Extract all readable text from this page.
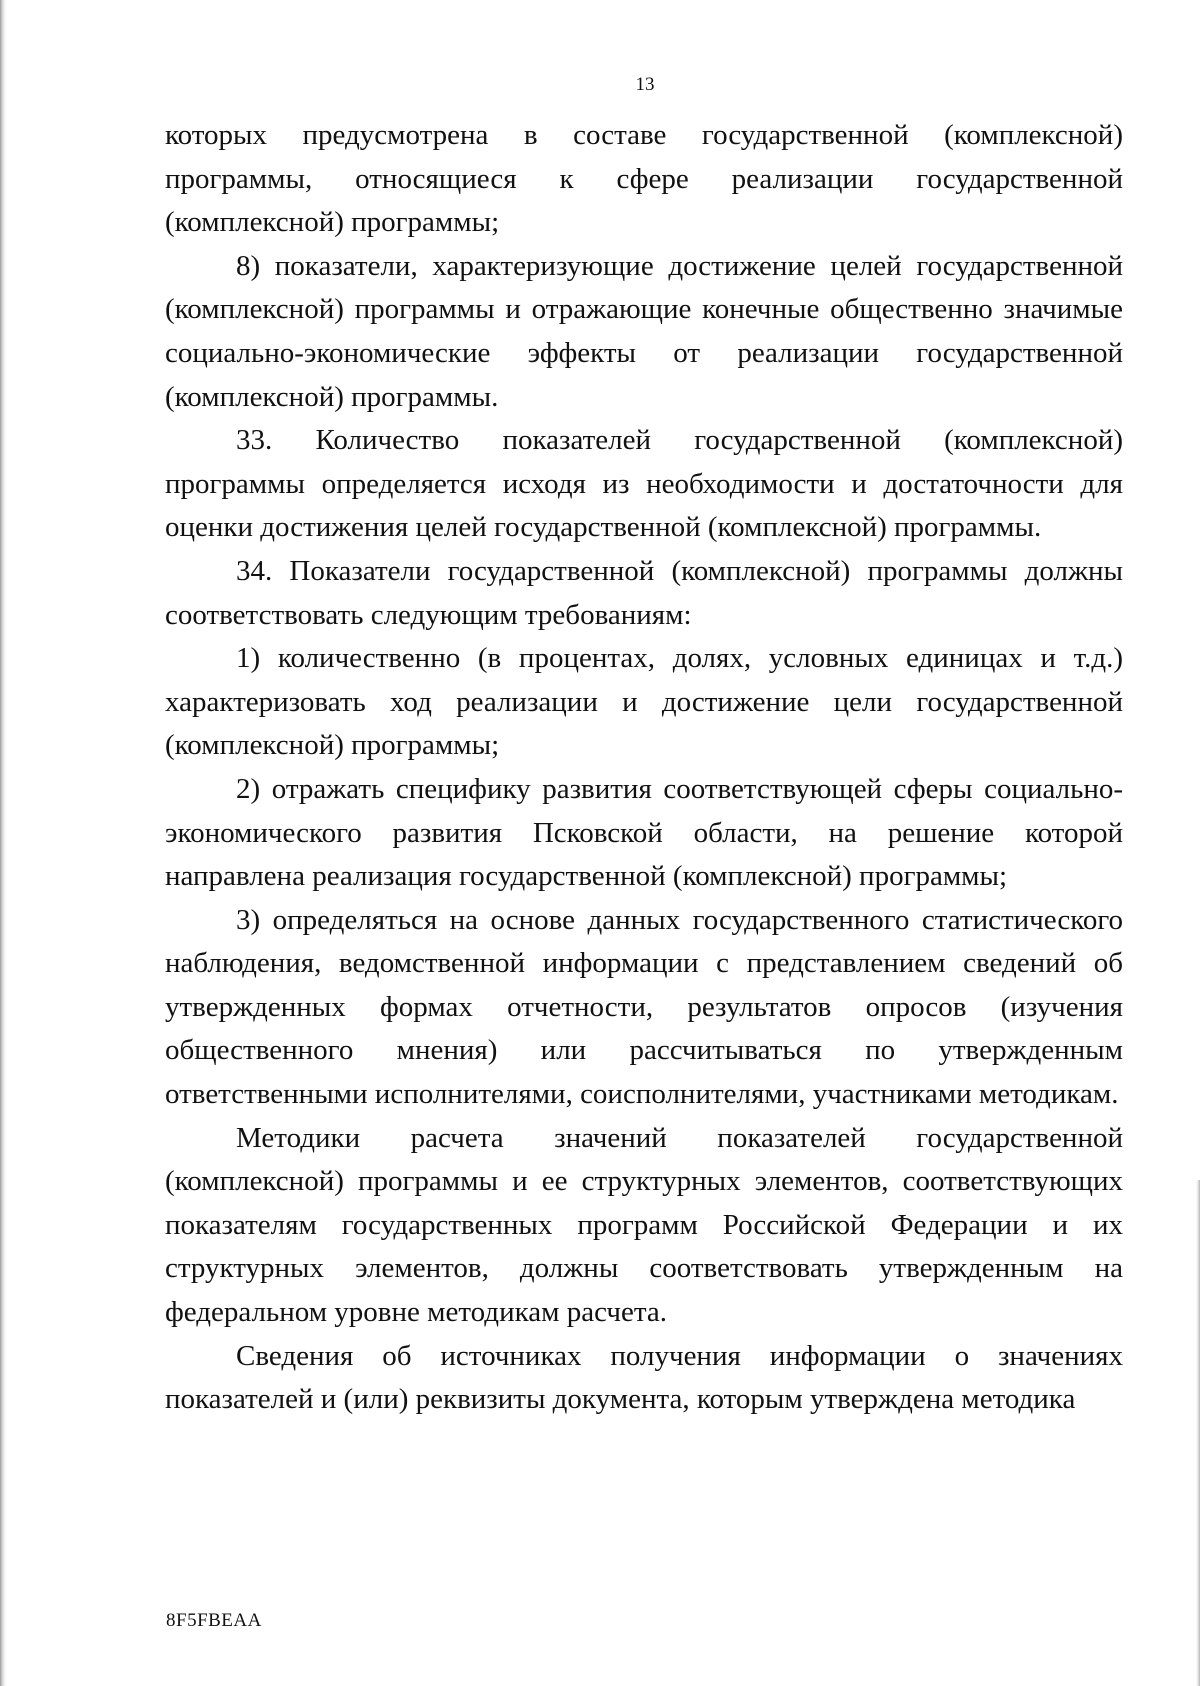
13

которых предусмотрена в составе государственной (комплексной) программы, относящиеся к сфере реализации государственной (комплексной) программы;

8) показатели, характеризующие достижение целей государственной (комплексной) программы и отражающие конечные общественно значимые социально-экономические эффекты от реализации государственной (комплексной) программы.

33. Количество показателей государственной (комплексной) программы определяется исходя из необходимости и достаточности для оценки достижения целей государственной (комплексной) программы.

34. Показатели государственной (комплексной) программы должны соответствовать следующим требованиям:

1) количественно (в процентах, долях, условных единицах и т.д.) характеризовать ход реализации и достижение цели государственной (комплексной) программы;

2) отражать специфику развития соответствующей сферы социально-экономического развития Псковской области, на решение которой направлена реализация государственной (комплексной) программы;

3) определяться на основе данных государственного статистического наблюдения, ведомственной информации с представлением сведений об утвержденных формах отчетности, результатов опросов (изучения общественного мнения) или рассчитываться по утвержденным ответственными исполнителями, соисполнителями, участниками методикам.

Методики расчета значений показателей государственной (комплексной) программы и ее структурных элементов, соответствующих показателям государственных программ Российской Федерации и их структурных элементов, должны соответствовать утвержденным на федеральном уровне методикам расчета.

Сведения об источниках получения информации о значениях показателей и (или) реквизиты документа, которым утверждена методика

8F5FBEAA
